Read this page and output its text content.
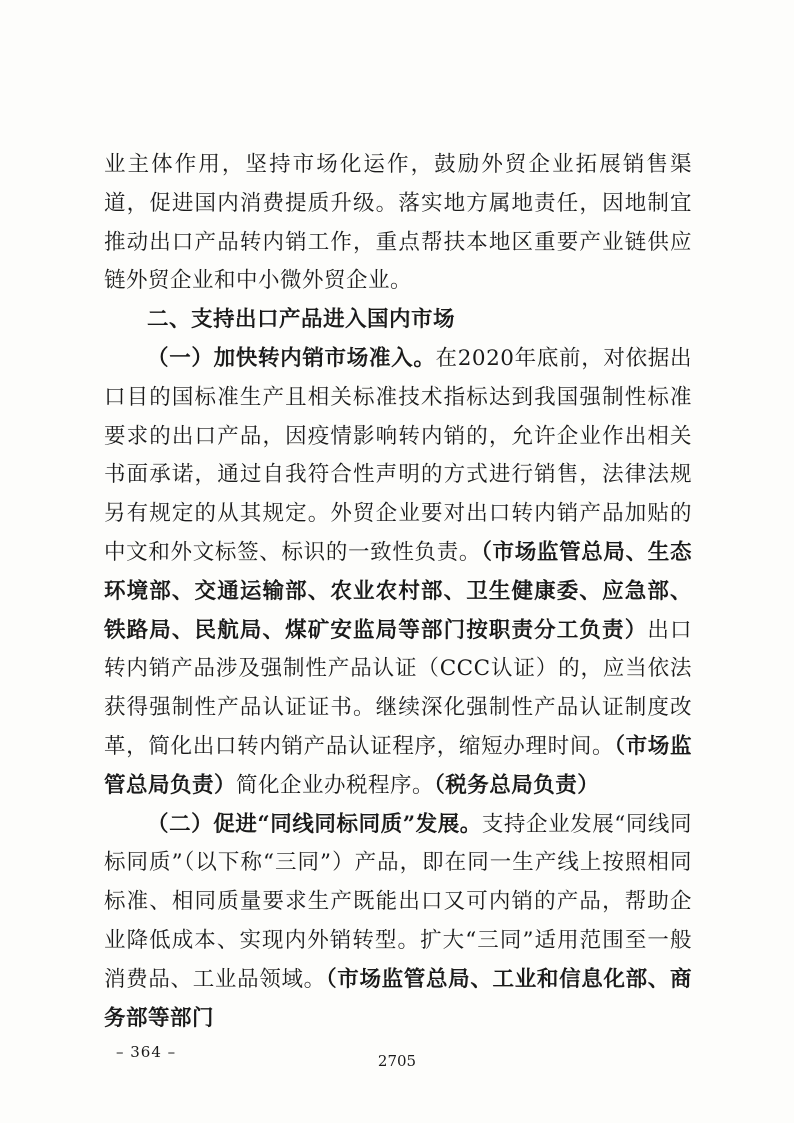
业主体作用，坚持市场化运作，鼓励外贸企业拓展销售渠道，促进国内消费提质升级。落实地方属地责任，因地制宜推动出口产品转内销工作，重点帮扶本地区重要产业链供应链外贸企业和中小微外贸企业。

二、支持出口产品进入国内市场

（一）加快转内销市场准入。在2020年底前，对依据出口目的国标准生产且相关标准技术指标达到我国强制性标准要求的出口产品，因疫情影响转内销的，允许企业作出相关书面承诺，通过自我符合性声明的方式进行销售，法律法规另有规定的从其规定。外贸企业要对出口转内销产品加贴的中文和外文标签、标识的一致性负责。（市场监管总局、生态环境部、交通运输部、农业农村部、卫生健康委、应急部、铁路局、民航局、煤矿安监局等部门按职责分工负责）出口转内销产品涉及强制性产品认证（CCC认证）的，应当依法获得强制性产品认证证书。继续深化强制性产品认证制度改革，简化出口转内销产品认证程序，缩短办理时间。（市场监管总局负责）简化企业办税程序。（税务总局负责）

（二）促进“同线同标同质”发展。支持企业发展“同线同标同质”（以下称“三同”）产品，即在同一生产线上按照相同标准、相同质量要求生产既能出口又可内销的产品，帮助企业降低成本、实现内外销转型。扩大“三同”适用范围至一般消费品、工业品领域。（市场监管总局、工业和信息化部、商务部等部门

– 364 –	2705
